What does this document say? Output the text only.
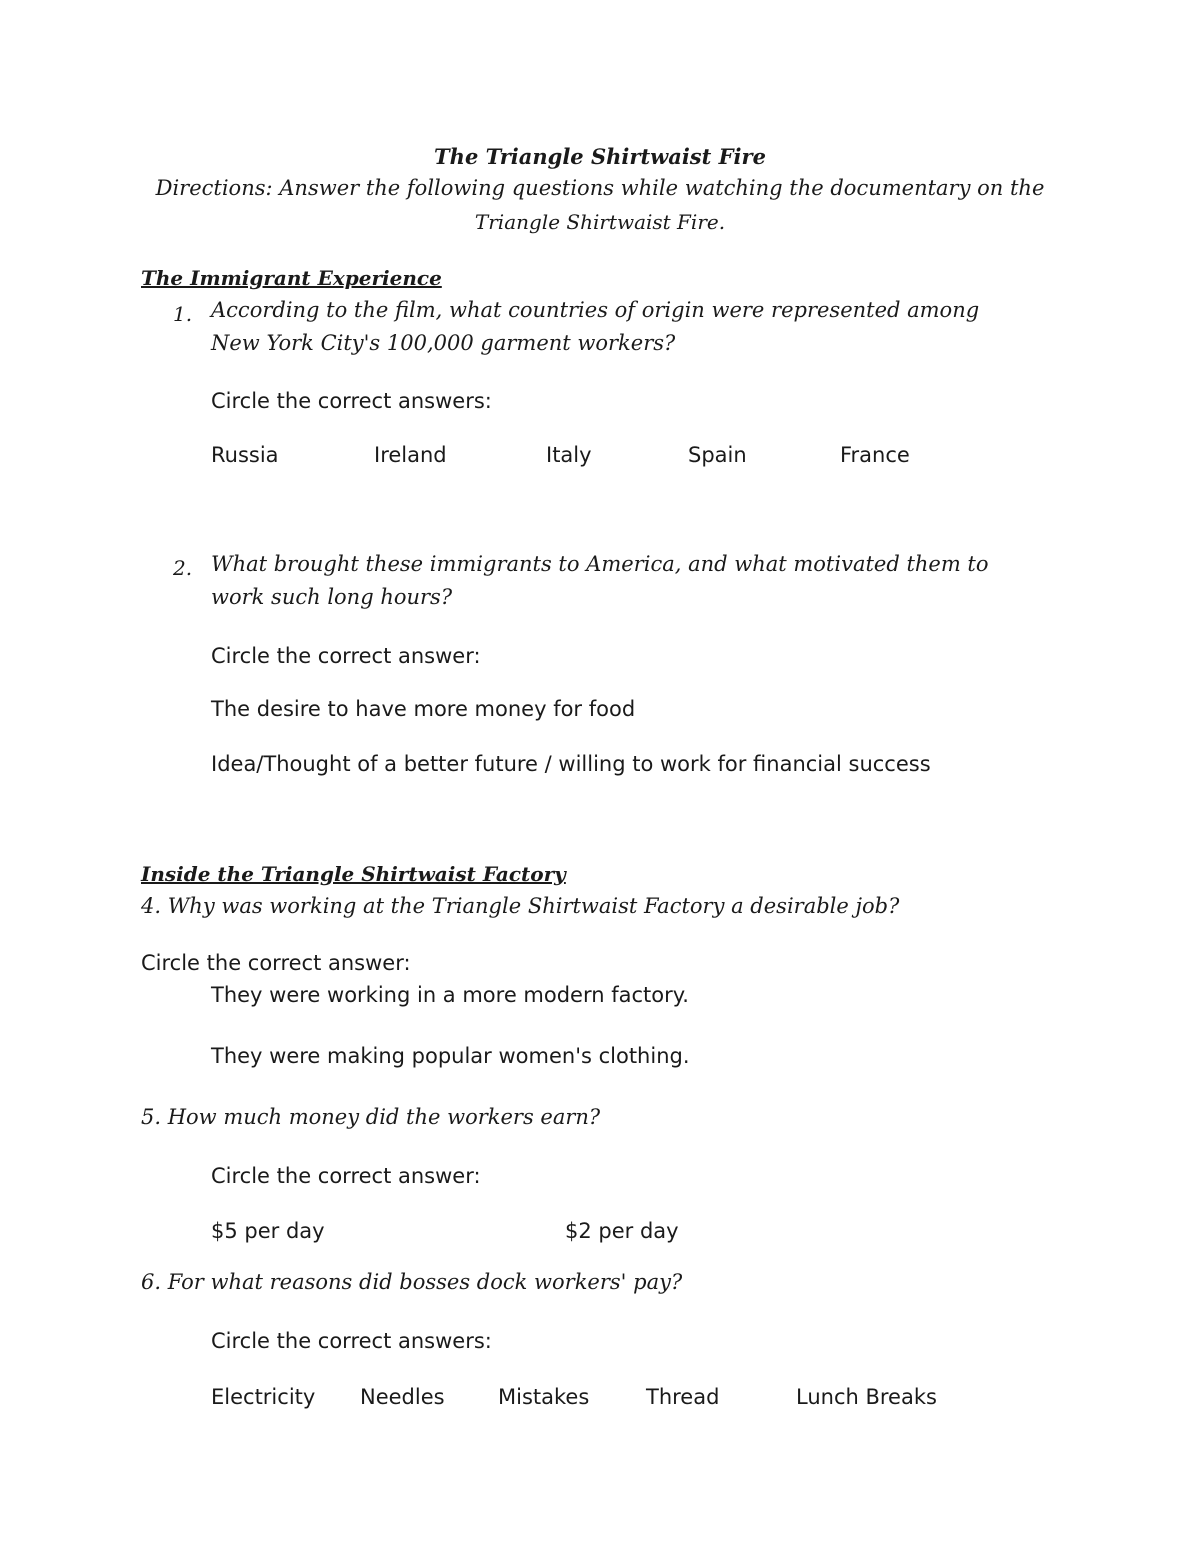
The Triangle Shirtwaist Fire
Directions: Answer the following questions while watching the documentary on the
Triangle Shirtwaist Fire.
The Immigrant Experience
1. According to the film, what countries of origin were represented among
New York City's 100,000 garment workers?
Circle the correct answers:
Russia	Ireland	Italy	Spain	France
2. What brought these immigrants to America, and what motivated them to
work such long hours?
Circle the correct answer:
The desire to have more money for food
Idea/Thought of a better future / willing to work for financial success
Inside the Triangle Shirtwaist Factory
4. Why was working at the Triangle Shirtwaist Factory a desirable job?
Circle the correct answer:
They were working in a more modern factory.
They were making popular women's clothing.
5. How much money did the workers earn?
Circle the correct answer:
$5 per day	$2 per day
6. For what reasons did bosses dock workers' pay?
Circle the correct answers:
Electricity Needles	Mistakes	Thread	Lunch Breaks
